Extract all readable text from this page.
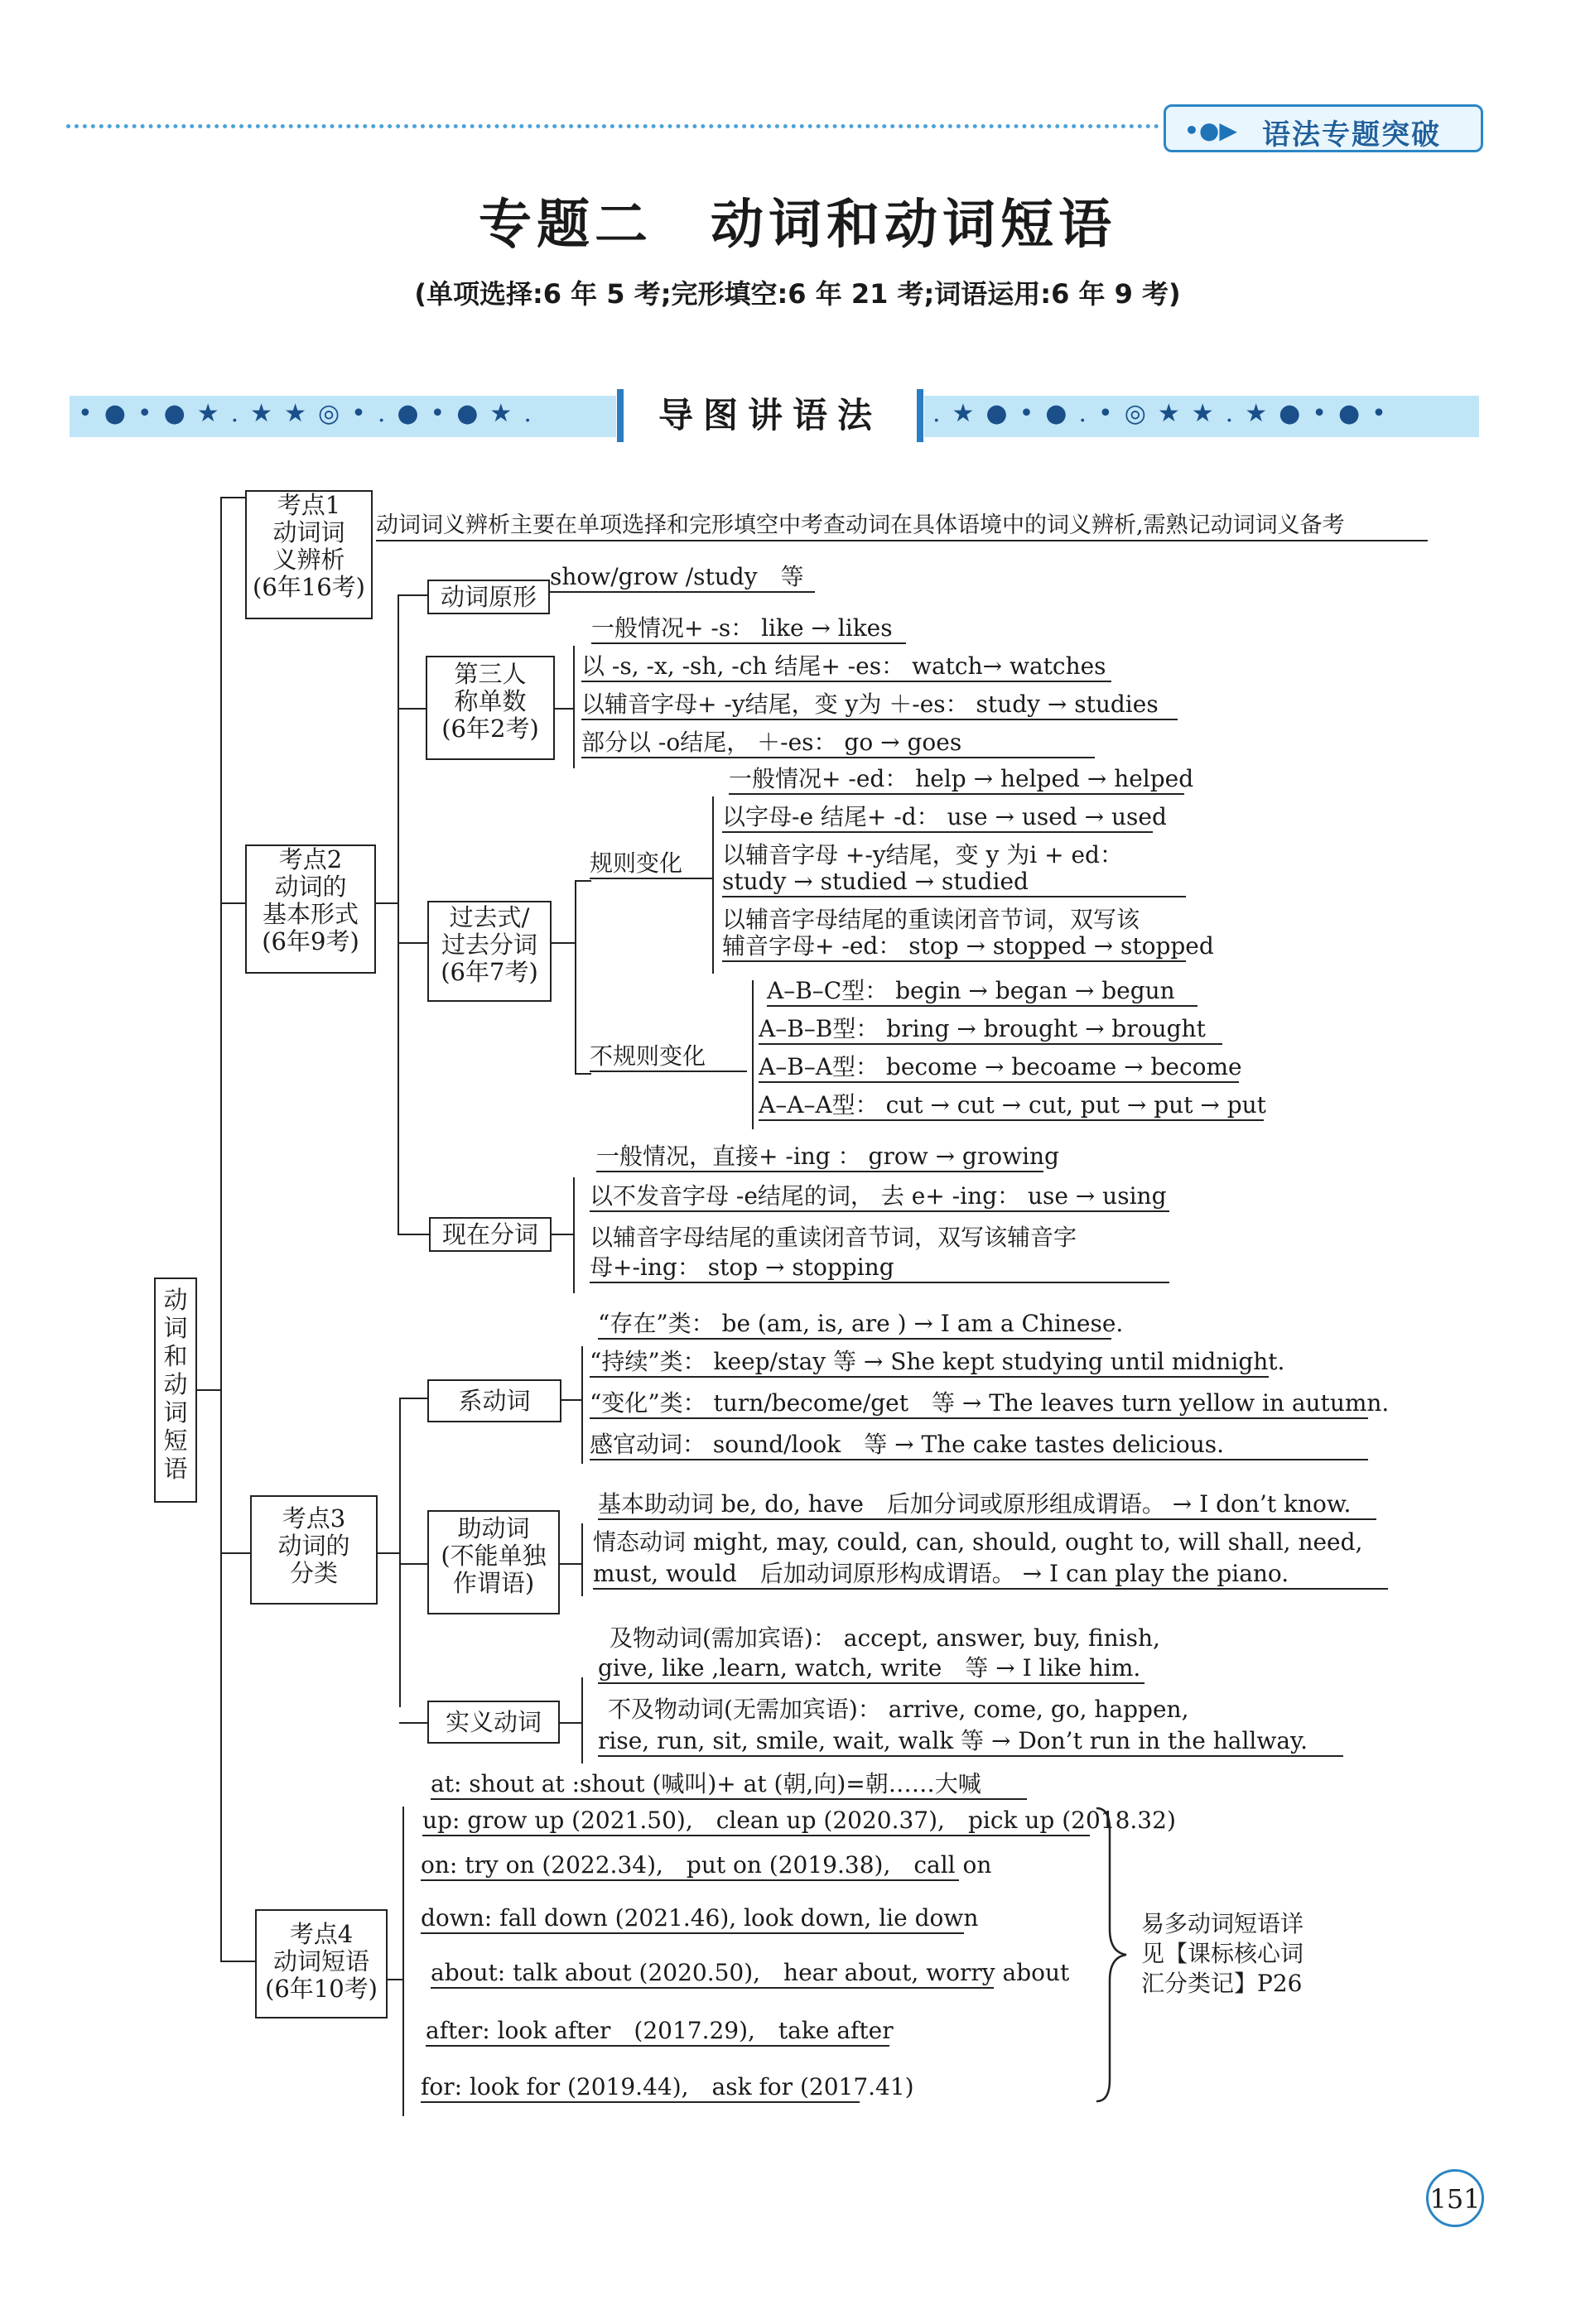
•●▶ 语法专题突破
专题二　动词和动词短语
(单项选择:6 年 5 考;完形填空:6 年 21 考;词语运用:6 年 9 考)
•●•●★.★★◎•.●•●★.	.★●•●.•◎★★.★●•●•
导图讲语法
动词和动词短语
考点1
动词词
义辨析
(6年16考)
动词词义辨析主要在单项选择和完形填空中考查动词在具体语境中的词义辨析,需熟记动词词义备考
考点2
动词的
基本形式
(6年9考)
动词原形
show/grow /study　等
第三人
称单数
(6年2考)
一般情况+ -s： like → likes
以 -s, -x, -sh, -ch 结尾+ -es： watch→ watches
以辅音字母+ -y结尾，变 y为 ＋-es： study → studies
部分以 -o结尾， ＋-es： go → goes
过去式/
过去分词
(6年7考)
规则变化
一般情况+ -ed： help → helped → helped
以字母-e 结尾+ -d： use → used → used
以辅音字母 +-y结尾，变 y 为i + ed：
study → studied → studied
以辅音字母结尾的重读闭音节词，双写该
辅音字母+ -ed： stop → stopped → stopped
不规则变化
A–B–C型： begin → began → begun
A–B–B型： bring → brought → brought
A–B–A型： become → becoame → become
A–A–A型： cut → cut → cut, put → put → put
现在分词
一般情况，直接+ -ing ： grow → growing
以不发音字母 -e结尾的词， 去 e+ -ing： use → using
以辅音字母结尾的重读闭音节词，双写该辅音字
母+-ing： stop → stopping
考点3
动词的
分类
系动词
“存在”类： be (am, is, are ) → I am a Chinese.
“持续”类： keep/stay 等 → She kept studying until midnight.
“变化”类： turn/become/get　等 → The leaves turn yellow in autumn.
感官动词： sound/look　等 → The cake tastes delicious.
助动词
(不能单独
作谓语)
基本助动词 be, do, have　后加分词或原形组成谓语。 → I don’t know.
情态动词 might, may, could, can, should, ought to, will shall, need,
must, would　后加动词原形构成谓语。 → I can play the piano.
实义动词
及物动词(需加宾语)： accept, answer, buy, finish,
give, like ,learn, watch, write　等 → I like him.
不及物动词(无需加宾语)： arrive, come, go, happen,
rise, run, sit, smile, wait, walk 等 → Don’t run in the hallway.
考点4
动词短语
(6年10考)
at: shout at :shout (喊叫)+ at (朝,向)=朝……大喊
up: grow up (2021.50),　clean up (2020.37),　pick up (2018.32)
on: try on (2022.34),　put on (2019.38),　call on
down: fall down (2021.46), look down, lie down
about: talk about (2020.50),　hear about, worry about
after: look after　(2017.29),　take after
for: look for (2019.44),　ask for (2017.41)
易多动词短语详
见【课标核心词
汇分类记】P26
151
